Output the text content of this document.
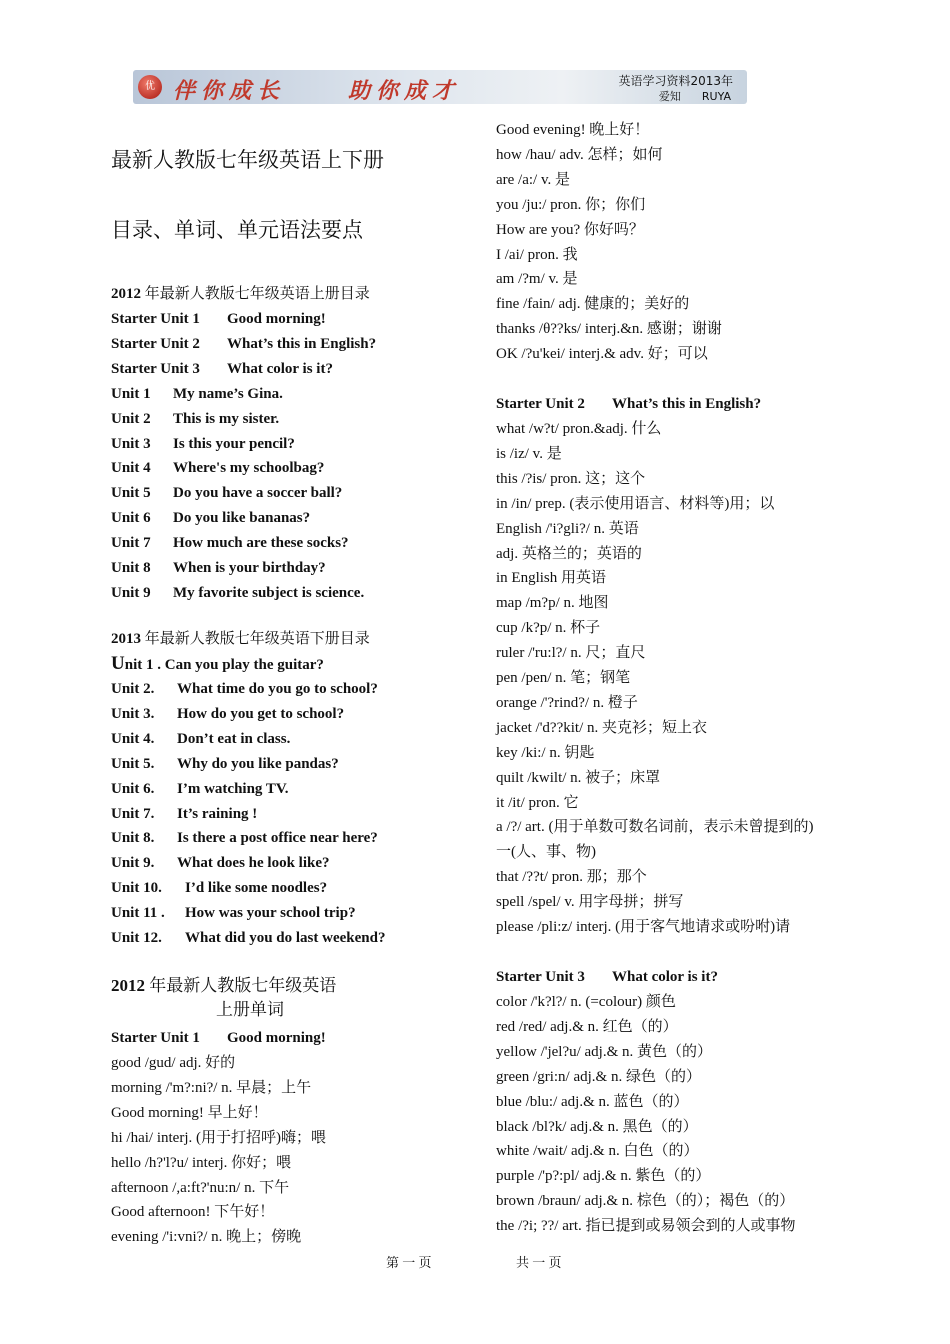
优 伴你成长	助你成才	英语学习资料2013年
爱知      RUYA
最新人教版七年级英语上下册
目录、单词、单元语法要点
2012 年最新人教版七年级英语上册目录
Starter Unit 1 Good morning!
Starter Unit 2 What’s this in English?
Starter Unit 3 What color is it?
Unit 1 My name’s Gina.
Unit 2 This is my sister.
Unit 3 Is this your pencil?
Unit 4 Where's my schoolbag?
Unit 5 Do you have a soccer ball?
Unit 6 Do you like bananas?
Unit 7 How much are these socks?
Unit 8 When is your birthday?
Unit 9 My favorite subject is science.
2013 年最新人教版七年级英语下册目录
Unit 1 . Can you play the guitar?
Unit 2. What time do you go to school?
Unit 3. How do you get to school?
Unit 4. Don’t eat in class.
Unit 5. Why do you like pandas?
Unit 6. I’m watching TV.
Unit 7. It’s raining !
Unit 8. Is there a post office near here?
Unit 9. What does he look like?
Unit 10. I’d like some noodles?
Unit 11 . How was your school trip?
Unit 12. What did you do last weekend?
2012 年最新人教版七年级英语
上册单词
Starter Unit 1 Good morning!
good /gud/ adj. 好的
morning /'m?:ni?/ n. 早晨；上午
Good morning! 早上好！
hi /hai/ interj. (用于打招呼)嗨；喂
hello /h?'l?u/ interj. 你好；喂
afternoon /,a:ft?'nu:n/ n. 下午
Good afternoon! 下午好！
evening /'i:vni?/ n. 晚上；傍晚
Good evening! 晚上好！
how /hau/ adv. 怎样；如何
are /a:/ v. 是
you /ju:/ pron. 你；你们
How are you? 你好吗？
I /ai/ pron. 我
am /?m/ v. 是
fine /fain/ adj. 健康的；美好的
thanks /θ??ks/ interj.&n. 感谢；谢谢
OK /?u'kei/ interj.& adv. 好；可以
Starter Unit 2 What’s this in English?
what /w?t/ pron.&adj. 什么
is /iz/ v. 是
this /?is/ pron. 这；这个
in /in/ prep. (表示使用语言、材料等)用；以
English /'i?gli?/ n. 英语
adj. 英格兰的；英语的
in English 用英语
map /m?p/ n. 地图
cup /k?p/ n. 杯子
ruler /'ru:l?/ n. 尺；直尺
pen /pen/ n. 笔；钢笔
orange /'?rind?/ n. 橙子
jacket /'d??kit/ n. 夹克衫；短上衣
key /ki:/ n. 钥匙
quilt /kwilt/ n. 被子；床罩
it /it/ pron. 它
a /?/ art. (用于单数可数名词前，表示未曾提到的)
一(人、事、物)
that /??t/ pron. 那；那个
spell /spel/ v. 用字母拼；拼写
please /pli:z/ interj. (用于客气地请求或吩咐)请
Starter Unit 3 What color is it?
color /'k?l?/ n. (=colour) 颜色
red /red/ adj.& n. 红色（的）
yellow /'jel?u/ adj.& n. 黄色（的）
green /gri:n/ adj.& n. 绿色（的）
blue /blu:/ adj.& n. 蓝色（的）
black /bl?k/ adj.& n. 黑色（的）
white /wait/ adj.& n. 白色（的）
purple /'p?:pl/ adj.& n. 紫色（的）
brown /braun/ adj.& n. 棕色（的）；褐色（的）
the /?i; ??/ art. 指已提到或易领会到的人或事物
第 一 页	共 一 页
